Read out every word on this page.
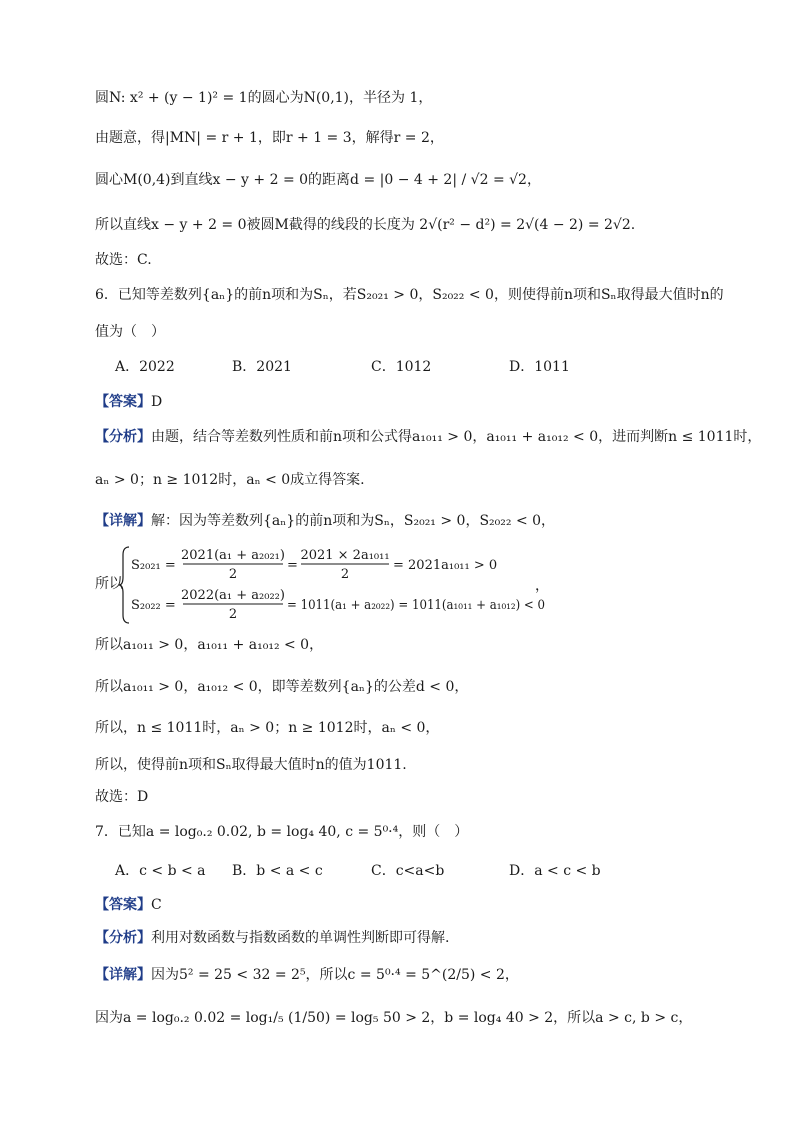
圆N: x² + (y − 1)² = 1的圆心为N(0,1)，半径为 1，
由题意，得|MN| = r + 1，即r + 1 = 3，解得r = 2，
圆心M(0,4)到直线x − y + 2 = 0的距离d = |0 − 4 + 2| / √2 = √2，
所以直线x − y + 2 = 0被圆M截得的线段的长度为 2√(r² − d²) = 2√(4 − 2) = 2√2.
故选：C.
6．已知等差数列{aₙ}的前n项和为Sₙ，若S₂₀₂₁ > 0，S₂₀₂₂ < 0，则使得前n项和Sₙ取得最大值时n的
值为（　）
A．2022	B．2021	C．1012	D．1011
【答案】D
【分析】由题，结合等差数列性质和前n项和公式得a₁₀₁₁ > 0，a₁₀₁₁ + a₁₀₁₂ < 0，进而判断n ≤ 1011时，
aₙ > 0；n ≥ 1012时，aₙ < 0成立得答案.
【详解】解：因为等差数列{aₙ}的前n项和为Sₙ，S₂₀₂₁ > 0，S₂₀₂₂ < 0，
所以
S₂₀₂₁ =
2021(a₁ + a₂₀₂₁)
2
=
2021 × 2a₁₀₁₁
2
= 2021a₁₀₁₁ > 0
S₂₀₂₂ =
2022(a₁ + a₂₀₂₂)
2
= 1011(a₁ + a₂₀₂₂) = 1011(a₁₀₁₁ + a₁₀₁₂) < 0
，
所以a₁₀₁₁ > 0，a₁₀₁₁ + a₁₀₁₂ < 0，
所以a₁₀₁₁ > 0，a₁₀₁₂ < 0，即等差数列{aₙ}的公差d < 0，
所以，n ≤ 1011时，aₙ > 0；n ≥ 1012时，aₙ < 0，
所以，使得前n项和Sₙ取得最大值时n的值为1011.
故选：D
7．已知a = log₀.₂ 0.02, b = log₄ 40, c = 5⁰·⁴，则（　）
A．c < b < a B．b < a < c	C．c<a<b	D．a < c < b
【答案】C
【分析】利用对数函数与指数函数的单调性判断即可得解.
【详解】因为5² = 25 < 32 = 2⁵，所以c = 5⁰·⁴ = 5^(2/5) < 2，
因为a = log₀.₂ 0.02 = log₁/₅ (1/50) = log₅ 50 > 2，b = log₄ 40 > 2，所以a > c, b > c，
